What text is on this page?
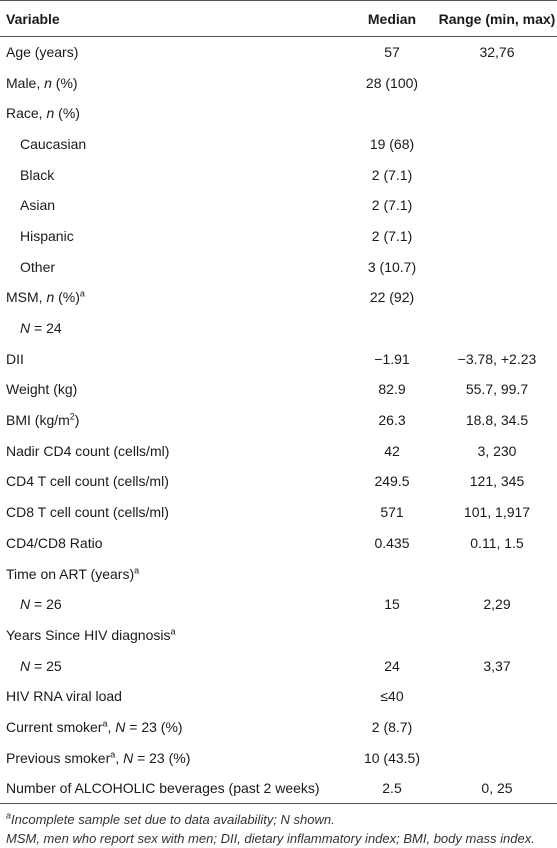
Variable	Median	Range (min, max)
Age (years)	57	32,76
Male, n (%)	28 (100)	
Race, n (%)		
Caucasian	19 (68)	
Black	2 (7.1)	
Asian	2 (7.1)	
Hispanic	2 (7.1)	
Other	3 (10.7)	
MSM, n (%)$^a$	22 (92)	
N = 24		
DII	−1.91	−3.78, +2.23
Weight (kg)	82.9	55.7, 99.7
BMI $(kg/m^2)$	26.3	18.8, 34.5
Nadir CD4 count (cells/ml)	42	3, 230
CD4 T cell count (cells/ml)	249.5	121, 345
CD8 T cell count (cells/ml)	571	101, 1,917
CD4/CD8 Ratio	0.435	0.11, 1.5
Time on ART (years)$^a$		
N = 26	15	2,29
Years Since HIV diagnosis$^a$		
N = 25	24	3,37
HIV RNA viral load	≤40	
Current smoker$^a$, N = 23 (%)	2 (8.7)	
Previous smoker$^a$, N = 23 (%)	10 (43.5)	
Number of ALCOHOLIC beverages (past 2 weeks)	2.5	0, 25

$^a$Incomplete sample set due to data availability; N shown.

MSM, men who report sex with men; DII, dietary inflammatory index; BMI, body mass index.
